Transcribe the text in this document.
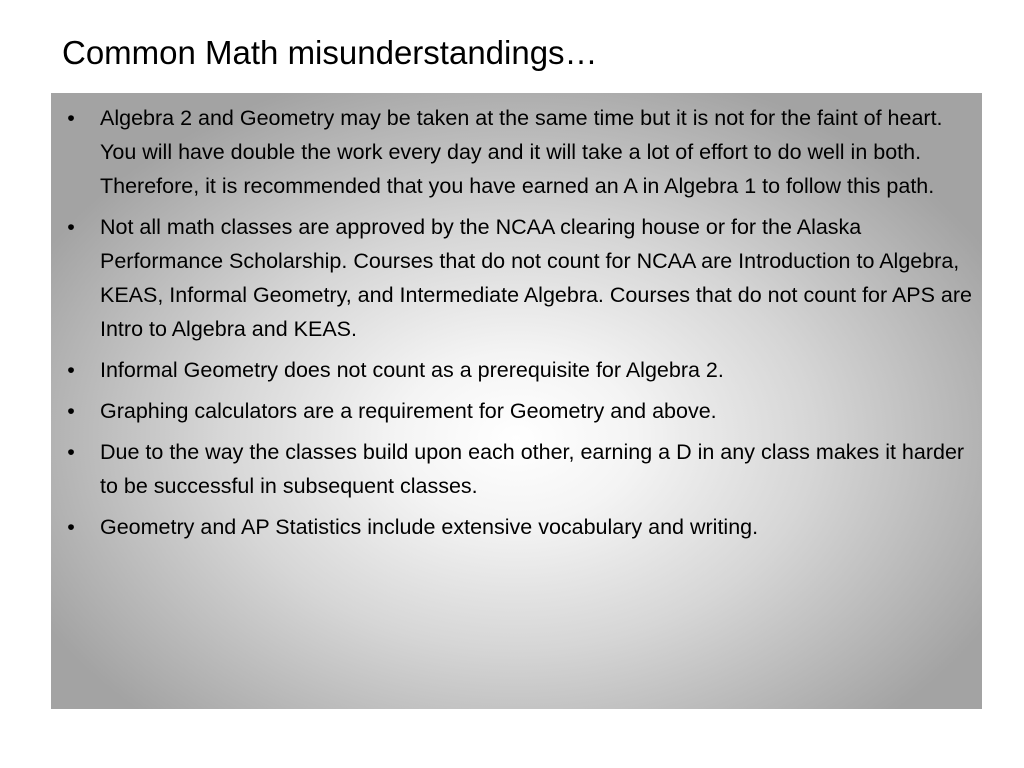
Common Math misunderstandings…
• Algebra 2 and Geometry may be taken at the same time but it is not for the faint of heart. You will have double the work every day and it will take a lot of effort to do well in both. Therefore, it is recommended that you have earned an A in Algebra 1 to follow this path.
• Not all math classes are approved by the NCAA clearing house or for the Alaska Performance Scholarship. Courses that do not count for NCAA are Introduction to Algebra, KEAS, Informal Geometry, and Intermediate Algebra. Courses that do not count for APS are Intro to Algebra and KEAS.
• Informal Geometry does not count as a prerequisite for Algebra 2.
• Graphing calculators are a requirement for Geometry and above.
• Due to the way the classes build upon each other, earning a D in any class makes it harder to be successful in subsequent classes.
• Geometry and AP Statistics include extensive vocabulary and writing.
